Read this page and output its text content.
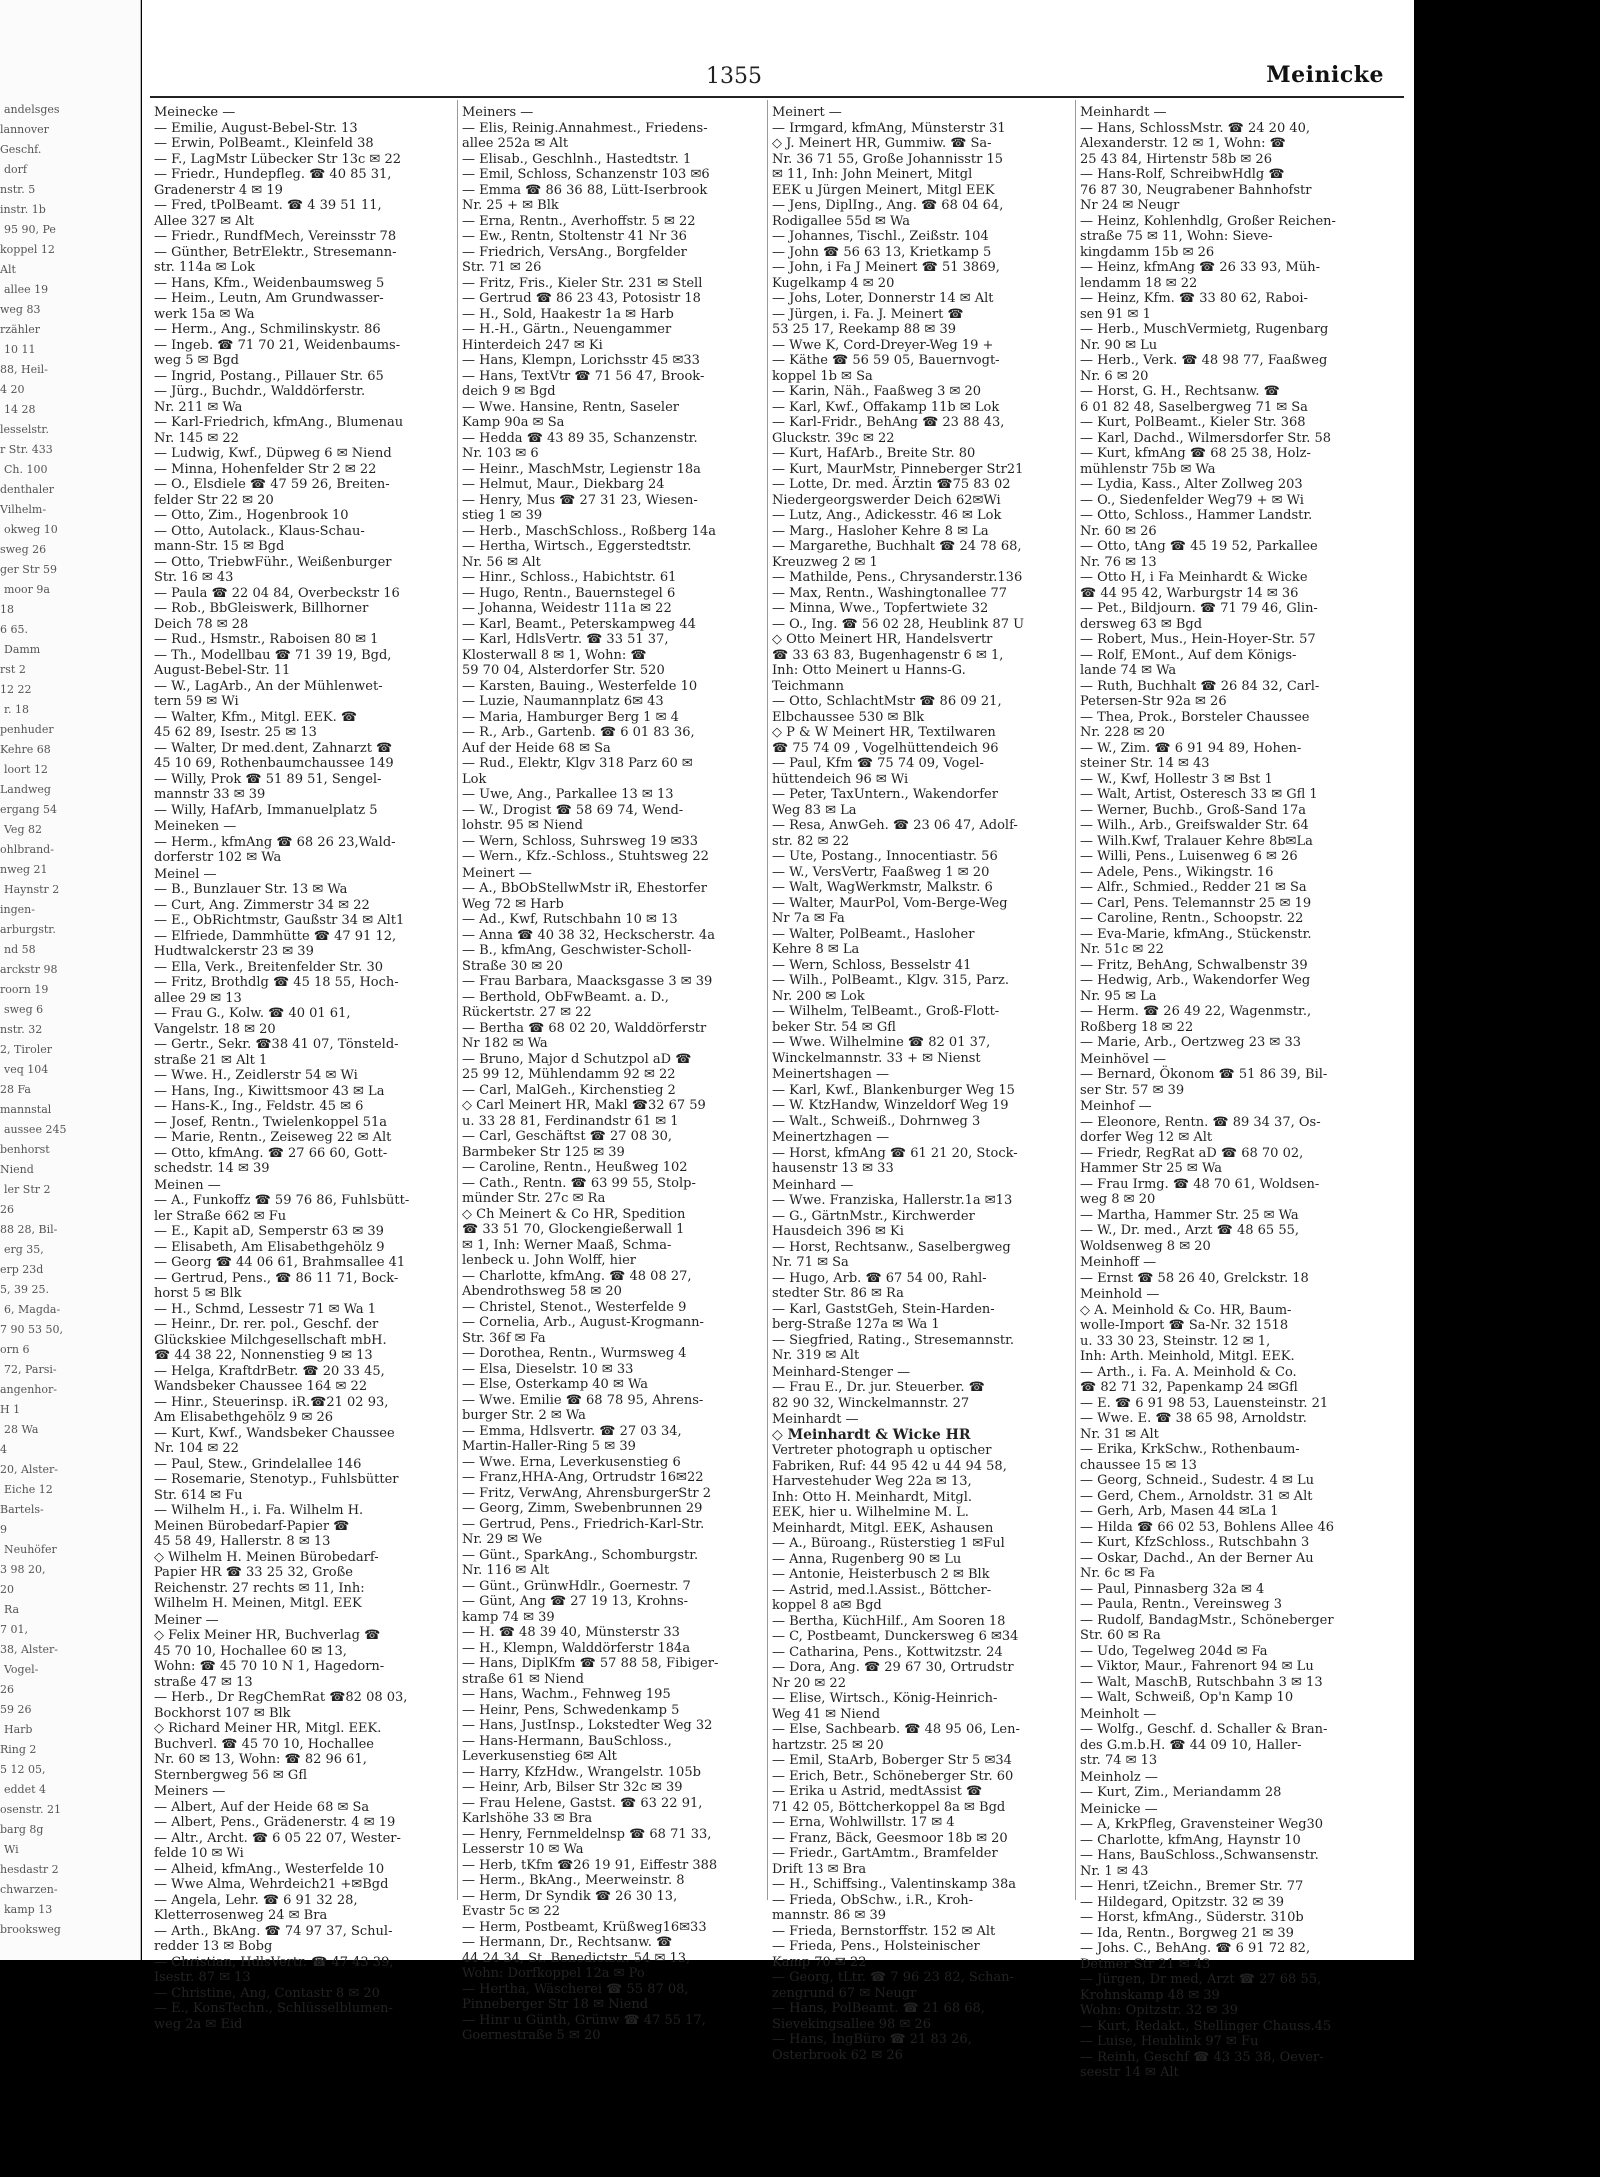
andelsges
lannover
Geschf.
dorf
nstr. 5
instr. 1b
95 90, Pe
koppel 12
Alt
allee 19
weg 83
rzähler
10 11
88, Heil-
4 20
14 28
lesselstr.
r Str. 433
Ch. 100
denthaler
Vilhelm-
okweg 10
sweg 26
ger Str 59
moor 9a
18
6 65.
Damm
rst 2
12 22
r. 18
penhuder
Kehre 68
loort 12
Landweg
ergang 54
Veg 82
ohlbrand-
nweg 21
Haynstr 2
ingen-
arburgstr.
nd 58
arckstr 98
roorn 19
sweg 6
nstr. 32
2, Tiroler
veq 104
28 Fa
mannstal
aussee 245
benhorst
Niend
ler Str 2
26
88 28, Bil-
erg 35,
erp 23d
5, 39 25.
6, Magda-
7 90 53 50,
orn 6
72, Parsi-
angenhor-
H 1
28 Wa
4
20, Alster-
Eiche 12
Bartels-
9
Neuhöfer
3 98 20,
20
Ra
7 01,
38, Alster-
Vogel-
26
59 26
Harb
Ring 2
5 12 05,
eddet 4
osenstr. 21
barg 8g
Wi
hesdastr 2
chwarzen-
kamp 13
brooksweg
1355	Meinicke
Meinecke —
— Emilie, August-Bebel-Str. 13
— Erwin, PolBeamt., Kleinfeld 38
— F., LagMstr Lübecker Str 13c ✉ 22
— Friedr., Hundepfleg. ☎ 40 85 31,
Gradenerstr 4 ✉ 19
— Fred, tPolBeamt. ☎ 4 39 51 11,
Allee 327 ✉ Alt
— Friedr., RundfMech, Vereinsstr 78
— Günther, BetrElektr., Stresemann-
str. 114a ✉ Lok
— Hans, Kfm., Weidenbaumsweg 5
— Heim., Leutn, Am Grundwasser-
werk 15a ✉ Wa
— Herm., Ang., Schmilinskystr. 86
— Ingeb. ☎ 71 70 21, Weidenbaums-
weg 5 ✉ Bgd
— Ingrid, Postang., Pillauer Str. 65
— Jürg., Buchdr., Walddörferstr.
Nr. 211 ✉ Wa
— Karl-Friedrich, kfmAng., Blumenau
Nr. 145 ✉ 22
— Ludwig, Kwf., Düpweg 6 ✉ Niend
— Minna, Hohenfelder Str 2 ✉ 22
— O., Elsdiele ☎ 47 59 26, Breiten-
felder Str 22 ✉ 20
— Otto, Zim., Hogenbrook 10
— Otto, Autolack., Klaus-Schau-
mann-Str. 15 ✉ Bgd
— Otto, TriebwFühr., Weißenburger
Str. 16 ✉ 43
— Paula ☎ 22 04 84, Overbeckstr 16
— Rob., BbGleiswerk, Billhorner
Deich 78 ✉ 28
— Rud., Hsmstr., Raboisen 80 ✉ 1
— Th., Modellbau ☎ 71 39 19, Bgd,
August-Bebel-Str. 11
— W., LagArb., An der Mühlenwet-
tern 59 ✉ Wi
— Walter, Kfm., Mitgl. EEK. ☎
45 62 89, Isestr. 25 ✉ 13
— Walter, Dr med.dent, Zahnarzt ☎
45 10 69, Rothenbaumchaussee 149
— Willy, Prok ☎ 51 89 51, Sengel-
mannstr 33 ✉ 39
— Willy, HafArb, Immanuelplatz 5
Meineken —
— Herm., kfmAng ☎ 68 26 23,Wald-
dorferstr 102 ✉ Wa
Meinel —
— B., Bunzlauer Str. 13 ✉ Wa
— Curt, Ang. Zimmerstr 34 ✉ 22
— E., ObRichtmstr, Gaußstr 34 ✉ Alt1
— Elfriede, Dammhütte ☎ 47 91 12,
Hudtwalckerstr 23 ✉ 39
— Ella, Verk., Breitenfelder Str. 30
— Fritz, Brothdlg ☎ 45 18 55, Hoch-
allee 29 ✉ 13
— Frau G., Kolw. ☎ 40 01 61,
Vangelstr. 18 ✉ 20
— Gertr., Sekr. ☎38 41 07, Tönsteld-
straße 21 ✉ Alt 1
— Wwe. H., Zeidlerstr 54 ✉ Wi
— Hans, Ing., Kiwittsmoor 43 ✉ La
— Hans-K., Ing., Feldstr. 45 ✉ 6
— Josef, Rentn., Twielenkoppel 51a
— Marie, Rentn., Zeiseweg 22 ✉ Alt
— Otto, kfmAng. ☎ 27 66 60, Gott-
schedstr. 14 ✉ 39
Meinen —
— A., Funkoffz ☎ 59 76 86, Fuhlsbütt-
ler Straße 662 ✉ Fu
— E., Kapit aD, Semperstr 63 ✉ 39
— Elisabeth, Am Elisabethgehölz 9
— Georg ☎ 44 06 61, Brahmsallee 41
— Gertrud, Pens., ☎ 86 11 71, Bock-
horst 5 ✉ Blk
— H., Schmd, Lessestr 71 ✉ Wa 1
— Heinr., Dr. rer. pol., Geschf. der
Glückskiee Milchgesellschaft mbH.
☎ 44 38 22, Nonnenstieg 9 ✉ 13
— Helga, KraftdrBetr. ☎ 20 33 45,
Wandsbeker Chaussee 164 ✉ 22
— Hinr., Steuerinsp. iR.☎21 02 93,
Am Elisabethgehölz 9 ✉ 26
— Kurt, Kwf., Wandsbeker Chaussee
Nr. 104 ✉ 22
— Paul, Stew., Grindelallee 146
— Rosemarie, Stenotyp., Fuhlsbütter
Str. 614 ✉ Fu
— Wilhelm H., i. Fa. Wilhelm H.
Meinen Bürobedarf-Papier ☎
45 58 49, Hallerstr. 8 ✉ 13
◇ Wilhelm H. Meinen Bürobedarf-
Papier HR ☎ 33 25 32, Große
Reichenstr. 27 rechts ✉ 11, Inh:
Wilhelm H. Meinen, Mitgl. EEK
Meiner —
◇ Felix Meiner HR, Buchverlag ☎
45 70 10, Hochallee 60 ✉ 13,
Wohn: ☎ 45 70 10 N 1, Hagedorn-
straße 47 ✉ 13
— Herb., Dr RegChemRat ☎82 08 03,
Bockhorst 107 ✉ Blk
◇ Richard Meiner HR, Mitgl. EEK.
Buchverl. ☎ 45 70 10, Hochallee
Nr. 60 ✉ 13, Wohn: ☎ 82 96 61,
Sternbergweg 56 ✉ Gfl
Meiners —
— Albert, Auf der Heide 68 ✉ Sa
— Albert, Pens., Grädenerstr. 4 ✉ 19
— Altr., Archt. ☎ 6 05 22 07, Wester-
felde 10 ✉ Wi
— Alheid, kfmAng., Westerfelde 10
— Wwe Alma, Wehrdeich21 +✉Bgd
— Angela, Lehr. ☎ 6 91 32 28,
Kletterrosenweg 24 ✉ Bra
— Arth., BkAng. ☎ 74 97 37, Schul-
redder 13 ✉ Bobg
— Christian, HdlsVertr. ☎ 47 43 39,
Isestr. 87 ✉ 13
— Christine, Ang, Contastr 8 ✉ 20
— E., KonsTechn., Schlüsselblumen-
weg 2a ✉ Eid
Meiners —
— Elis, Reinig.Annahmest., Friedens-
allee 252a ✉ Alt
— Elisab., Geschlnh., Hastedtstr. 1
— Emil, Schloss, Schanzenstr 103 ✉6
— Emma ☎ 86 36 88, Lütt-Iserbrook
Nr. 25 + ✉ Blk
— Erna, Rentn., Averhoffstr. 5 ✉ 22
— Ew., Rentn, Stoltenstr 41 Nr 36
— Friedrich, VersAng., Borgfelder
Str. 71 ✉ 26
— Fritz, Fris., Kieler Str. 231 ✉ Stell
— Gertrud ☎ 86 23 43, Potosistr 18
— H., Sold, Haakestr 1a ✉ Harb
— H.-H., Gärtn., Neuengammer
Hinterdeich 247 ✉ Ki
— Hans, Klempn, Lorichsstr 45 ✉33
— Hans, TextVtr ☎ 71 56 47, Brook-
deich 9 ✉ Bgd
— Wwe. Hansine, Rentn, Saseler
Kamp 90a ✉ Sa
— Hedda ☎ 43 89 35, Schanzenstr.
Nr. 103 ✉ 6
— Heinr., MaschMstr, Legienstr 18a
— Helmut, Maur., Diekbarg 24
— Henry, Mus ☎ 27 31 23, Wiesen-
stieg 1 ✉ 39
— Herb., MaschSchloss., Roßberg 14a
— Hertha, Wirtsch., Eggerstedtstr.
Nr. 56 ✉ Alt
— Hinr., Schloss., Habichtstr. 61
— Hugo, Rentn., Bauernstegel 6
— Johanna, Weidestr 111a ✉ 22
— Karl, Beamt., Peterskampweg 44
— Karl, HdlsVertr. ☎ 33 51 37,
Klosterwall 8 ✉ 1, Wohn: ☎
59 70 04, Alsterdorfer Str. 520
— Karsten, Bauing., Westerfelde 10
— Luzie, Naumannplatz 6✉ 43
— Maria, Hamburger Berg 1 ✉ 4
— R., Arb., Gartenb. ☎ 6 01 83 36,
Auf der Heide 68 ✉ Sa
— Rud., Elektr, Klgv 318 Parz 60 ✉
Lok
— Uwe, Ang., Parkallee 13 ✉ 13
— W., Drogist ☎ 58 69 74, Wend-
lohstr. 95 ✉ Niend
— Wern, Schloss, Suhrsweg 19 ✉33
— Wern., Kfz.-Schloss., Stuhtsweg 22
Meinert —
— A., BbObStellwMstr iR, Ehestorfer
Weg 72 ✉ Harb
— Ad., Kwf, Rutschbahn 10 ✉ 13
— Anna ☎ 40 38 32, Heckscherstr. 4a
— B., kfmAng, Geschwister-Scholl-
Straße 30 ✉ 20
— Frau Barbara, Maacksgasse 3 ✉ 39
— Berthold, ObFwBeamt. a. D.,
Rückertstr. 27 ✉ 22
— Bertha ☎ 68 02 20, Walddörferstr
Nr 182 ✉ Wa
— Bruno, Major d Schutzpol aD ☎
25 99 12, Mühlendamm 92 ✉ 22
— Carl, MalGeh., Kirchenstieg 2
◇ Carl Meinert HR, Makl ☎32 67 59
u. 33 28 81, Ferdinandstr 61 ✉ 1
— Carl, Geschäftst ☎ 27 08 30,
Barmbeker Str 125 ✉ 39
— Caroline, Rentn., Heußweg 102
— Cath., Rentn. ☎ 63 99 55, Stolp-
münder Str. 27c ✉ Ra
◇ Ch Meinert & Co HR, Spedition
☎ 33 51 70, Glockengießerwall 1
✉ 1, Inh: Werner Maaß, Schma-
lenbeck u. John Wolff, hier
— Charlotte, kfmAng. ☎ 48 08 27,
Abendrothsweg 58 ✉ 20
— Christel, Stenot., Westerfelde 9
— Cornelia, Arb., August-Krogmann-
Str. 36f ✉ Fa
— Dorothea, Rentn., Wurmsweg 4
— Elsa, Dieselstr. 10 ✉ 33
— Else, Osterkamp 40 ✉ Wa
— Wwe. Emilie ☎ 68 78 95, Ahrens-
burger Str. 2 ✉ Wa
— Emma, Hdlsvertr. ☎ 27 03 34,
Martin-Haller-Ring 5 ✉ 39
— Wwe. Erna, Leverkusenstieg 6
— Franz,HHA-Ang, Ortrudstr 16✉22
— Fritz, VerwAng, AhrensburgerStr 2
— Georg, Zimm, Swebenbrunnen 29
— Gertrud, Pens., Friedrich-Karl-Str.
Nr. 29 ✉ We
— Günt., SparkAng., Schomburgstr.
Nr. 116 ✉ Alt
— Günt., GrünwHdlr., Goernestr. 7
— Günt, Ang ☎ 27 19 13, Krohns-
kamp 74 ✉ 39
— H. ☎ 48 39 40, Münsterstr 33
— H., Klempn, Walddörferstr 184a
— Hans, DiplKfm ☎ 57 88 58, Fibiger-
straße 61 ✉ Niend
— Hans, Wachm., Fehnweg 195
— Heinr, Pens, Schwedenkamp 5
— Hans, JustInsp., Lokstedter Weg 32
— Hans-Hermann, BauSchloss.,
Leverkusenstieg 6✉ Alt
— Harry, KfzHdw., Wrangelstr. 105b
— Heinr, Arb, Bilser Str 32c ✉ 39
— Frau Helene, Gastst. ☎ 63 22 91,
Karlshöhe 33 ✉ Bra
— Henry, Fernmeldelnsp ☎ 68 71 33,
Lesserstr 10 ✉ Wa
— Herb, tKfm ☎26 19 91, Eiffestr 388
— Herm., BkAng., Meerweinstr. 8
— Herm, Dr Syndik ☎ 26 30 13,
Evastr 5c ✉ 22
— Herm, Postbeamt, Krüßweg16✉33
— Hermann, Dr., Rechtsanw. ☎
44 24 34, St. Benedictstr. 54 ✉ 13,
Wohn: Dorfkoppel 12a ✉ Po
— Hertha, Wäscherei ☎ 55 87 08,
Pinneberger Str 18 ✉ Niend
— Hinr u Günth, Grünw ☎ 47 55 17,
Goernestraße 5 ✉ 20
Meinert —
— Irmgard, kfmAng, Münsterstr 31
◇ J. Meinert HR, Gummiw. ☎ Sa-
Nr. 36 71 55, Große Johannisstr 15
✉ 11, Inh: John Meinert, Mitgl
EEK u Jürgen Meinert, Mitgl EEK
— Jens, DiplIng., Ang. ☎ 68 04 64,
Rodigallee 55d ✉ Wa
— Johannes, Tischl., Zeißstr. 104
— John ☎ 56 63 13, Krietkamp 5
— John, i Fa J Meinert ☎ 51 3869,
Kugelkamp 4 ✉ 20
— Johs, Loter, Donnerstr 14 ✉ Alt
— Jürgen, i. Fa. J. Meinert ☎
53 25 17, Reekamp 88 ✉ 39
— Wwe K, Cord-Dreyer-Weg 19 +
— Käthe ☎ 56 59 05, Bauernvogt-
koppel 1b ✉ Sa
— Karin, Näh., Faaßweg 3 ✉ 20
— Karl, Kwf., Offakamp 11b ✉ Lok
— Karl-Fridr., BehAng ☎ 23 88 43,
Gluckstr. 39c ✉ 22
— Kurt, HafArb., Breite Str. 80
— Kurt, MaurMstr, Pinneberger Str21
— Lotte, Dr. med. Ärztin ☎75 83 02
Niedergeorgswerder Deich 62✉Wi
— Lutz, Ang., Adickesstr. 46 ✉ Lok
— Marg., Hasloher Kehre 8 ✉ La
— Margarethe, Buchhalt ☎ 24 78 68,
Kreuzweg 2 ✉ 1
— Mathilde, Pens., Chrysanderstr.136
— Max, Rentn., Washingtonallee 77
— Minna, Wwe., Topfertwiete 32
— O., Ing. ☎ 56 02 28, Heublink 87 U
◇ Otto Meinert HR, Handelsvertr
☎ 33 63 83, Bugenhagenstr 6 ✉ 1,
Inh: Otto Meinert u Hanns-G.
Teichmann
— Otto, SchlachtMstr ☎ 86 09 21,
Elbchaussee 530 ✉ Blk
◇ P & W Meinert HR, Textilwaren
☎ 75 74 09 , Vogelhüttendeich 96
— Paul, Kfm ☎ 75 74 09, Vogel-
hüttendeich 96 ✉ Wi
— Peter, TaxUntern., Wakendorfer
Weg 83 ✉ La
— Resa, AnwGeh. ☎ 23 06 47, Adolf-
str. 82 ✉ 22
— Ute, Postang., Innocentiastr. 56
— W., VersVertr, Faaßweg 1 ✉ 20
— Walt, WagWerkmstr, Malkstr. 6
— Walter, MaurPol, Vom-Berge-Weg
Nr 7a ✉ Fa
— Walter, PolBeamt., Hasloher
Kehre 8 ✉ La
— Wern, Schloss, Besselstr 41
— Wilh., PolBeamt., Klgv. 315, Parz.
Nr. 200 ✉ Lok
— Wilhelm, TelBeamt., Groß-Flott-
beker Str. 54 ✉ Gfl
— Wwe. Wilhelmine ☎ 82 01 37,
Winckelmannstr. 33 + ✉ Nienst
Meinertshagen —
— Karl, Kwf., Blankenburger Weg 15
— W. KtzHandw, Winzeldorf Weg 19
— Walt., Schweiß., Dohrnweg 3
Meinertzhagen —
— Horst, kfmAng ☎ 61 21 20, Stock-
hausenstr 13 ✉ 33
Meinhard —
— Wwe. Franziska, Hallerstr.1a ✉13
— G., GärtnMstr., Kirchwerder
Hausdeich 396 ✉ Ki
— Horst, Rechtsanw., Saselbergweg
Nr. 71 ✉ Sa
— Hugo, Arb. ☎ 67 54 00, Rahl-
stedter Str. 86 ✉ Ra
— Karl, GaststGeh, Stein-Harden-
berg-Straße 127a ✉ Wa 1
— Siegfried, Rating., Stresemannstr.
Nr. 319 ✉ Alt
Meinhard-Stenger —
— Frau E., Dr. jur. Steuerber. ☎
82 90 32, Winckelmannstr. 27
Meinhardt —
◇ Meinhardt & Wicke HR
Vertreter photograph u optischer
Fabriken, Ruf: 44 95 42 u 44 94 58,
Harvestehuder Weg 22a ✉ 13,
Inh: Otto H. Meinhardt, Mitgl.
EEK, hier u. Wilhelmine M. L.
Meinhardt, Mitgl. EEK, Ashausen
— A., Büroang., Rüsterstieg 1 ✉Ful
— Anna, Rugenberg 90 ✉ Lu
— Antonie, Heisterbusch 2 ✉ Blk
— Astrid, med.l.Assist., Böttcher-
koppel 8 a✉ Bgd
— Bertha, KüchHilf., Am Sooren 18
— C, Postbeamt, Dunckersweg 6 ✉34
— Catharina, Pens., Kottwitzstr. 24
— Dora, Ang. ☎ 29 67 30, Ortrudstr
Nr 20 ✉ 22
— Elise, Wirtsch., König-Heinrich-
Weg 41 ✉ Niend
— Else, Sachbearb. ☎ 48 95 06, Len-
hartzstr. 25 ✉ 20
— Emil, StaArb, Boberger Str 5 ✉34
— Erich, Betr., Schöneberger Str. 60
— Erika u Astrid, medtAssist ☎
71 42 05, Böttcherkoppel 8a ✉ Bgd
— Erna, Wohlwillstr. 17 ✉ 4
— Franz, Bäck, Geesmoor 18b ✉ 20
— Friedr., GartAmtm., Bramfelder
Drift 13 ✉ Bra
— H., Schiffsing., Valentinskamp 38a
— Frieda, ObSchw., i.R., Kroh-
mannstr. 86 ✉ 39
— Frieda, Bernstorffstr. 152 ✉ Alt
— Frieda, Pens., Holsteinischer
Kamp 70 ✉ 22
— Georg, tLtr. ☎ 7 96 23 82, Schan-
zengrund 67 ✉ Neugr
— Hans, PolBeamt. ☎ 21 68 68,
Sievekingsallee 98 ✉ 26
— Hans, IngBüro ☎ 21 83 26,
Osterbrook 62 ✉ 26
Meinhardt —
— Hans, SchlossMstr. ☎ 24 20 40,
Alexanderstr. 12 ✉ 1, Wohn: ☎
25 43 84, Hirtenstr 58b ✉ 26
— Hans-Rolf, SchreibwHdlg ☎
76 87 30, Neugrabener Bahnhofstr
Nr 24 ✉ Neugr
— Heinz, Kohlenhdlg, Großer Reichen-
straße 75 ✉ 11, Wohn: Sieve-
kingdamm 15b ✉ 26
— Heinz, kfmAng ☎ 26 33 93, Müh-
lendamm 18 ✉ 22
— Heinz, Kfm. ☎ 33 80 62, Raboi-
sen 91 ✉ 1
— Herb., MuschVermietg, Rugenbarg
Nr. 90 ✉ Lu
— Herb., Verk. ☎ 48 98 77, Faaßweg
Nr. 6 ✉ 20
— Horst, G. H., Rechtsanw. ☎
6 01 82 48, Saselbergweg 71 ✉ Sa
— Kurt, PolBeamt., Kieler Str. 368
— Karl, Dachd., Wilmersdorfer Str. 58
— Kurt, kfmAng ☎ 68 25 38, Holz-
mühlenstr 75b ✉ Wa
— Lydia, Kass., Alter Zollweg 203
— O., Siedenfelder Weg79 + ✉ Wi
— Otto, Schloss., Hammer Landstr.
Nr. 60 ✉ 26
— Otto, tAng ☎ 45 19 52, Parkallee
Nr. 76 ✉ 13
— Otto H, i Fa Meinhardt & Wicke
☎ 44 95 42, Warburgstr 14 ✉ 36
— Pet., Bildjourn. ☎ 71 79 46, Glin-
dersweg 63 ✉ Bgd
— Robert, Mus., Hein-Hoyer-Str. 57
— Rolf, EMont., Auf dem Königs-
lande 74 ✉ Wa
— Ruth, Buchhalt ☎ 26 84 32, Carl-
Petersen-Str 92a ✉ 26
— Thea, Prok., Borsteler Chaussee
Nr. 228 ✉ 20
— W., Zim. ☎ 6 91 94 89, Hohen-
steiner Str. 14 ✉ 43
— W., Kwf, Hollestr 3 ✉ Bst 1
— Walt, Artist, Osteresch 33 ✉ Gfl 1
— Werner, Buchb., Groß-Sand 17a
— Wilh., Arb., Greifswalder Str. 64
— Wilh.Kwf, Tralauer Kehre 8b✉La
— Willi, Pens., Luisenweg 6 ✉ 26
— Adele, Pens., Wikingstr. 16
— Alfr., Schmied., Redder 21 ✉ Sa
— Carl, Pens. Telemannstr 25 ✉ 19
— Caroline, Rentn., Schoopstr. 22
— Eva-Marie, kfmAng., Stückenstr.
Nr. 51c ✉ 22
— Fritz, BehAng, Schwalbenstr 39
— Hedwig, Arb., Wakendorfer Weg
Nr. 95 ✉ La
— Herm. ☎ 26 49 22, Wagenmstr.,
Roßberg 18 ✉ 22
— Marie, Arb., Oertzweg 23 ✉ 33
Meinhövel —
— Bernard, Ökonom ☎ 51 86 39, Bil-
ser Str. 57 ✉ 39
Meinhof —
— Eleonore, Rentn. ☎ 89 34 37, Os-
dorfer Weg 12 ✉ Alt
— Friedr, RegRat aD ☎ 68 70 02,
Hammer Str 25 ✉ Wa
— Frau Irmg. ☎ 48 70 61, Woldsen-
weg 8 ✉ 20
— Martha, Hammer Str. 25 ✉ Wa
— W., Dr. med., Arzt ☎ 48 65 55,
Woldsenweg 8 ✉ 20
Meinhoff —
— Ernst ☎ 58 26 40, Grelckstr. 18
Meinhold —
◇ A. Meinhold & Co. HR, Baum-
wolle-Import ☎ Sa-Nr. 32 1518
u. 33 30 23, Steinstr. 12 ✉ 1,
Inh: Arth. Meinhold, Mitgl. EEK.
— Arth., i. Fa. A. Meinhold & Co.
☎ 82 71 32, Papenkamp 24 ✉Gfl
— E. ☎ 6 91 98 53, Lauensteinstr. 21
— Wwe. E. ☎ 38 65 98, Arnoldstr.
Nr. 31 ✉ Alt
— Erika, KrkSchw., Rothenbaum-
chaussee 15 ✉ 13
— Georg, Schneid., Sudestr. 4 ✉ Lu
— Gerd, Chem., Arnoldstr. 31 ✉ Alt
— Gerh, Arb, Masen 44 ✉La 1
— Hilda ☎ 66 02 53, Bohlens Allee 46
— Kurt, KfzSchloss., Rutschbahn 3
— Oskar, Dachd., An der Berner Au
Nr. 6c ✉ Fa
— Paul, Pinnasberg 32a ✉ 4
— Paula, Rentn., Vereinsweg 3
— Rudolf, BandagMstr., Schöneberger
Str. 60 ✉ Ra
— Udo, Tegelweg 204d ✉ Fa
— Viktor, Maur., Fahrenort 94 ✉ Lu
— Walt, MaschB, Rutschbahn 3 ✉ 13
— Walt, Schweiß, Op'n Kamp 10
Meinholt —
— Wolfg., Geschf. d. Schaller & Bran-
des G.m.b.H. ☎ 44 09 10, Haller-
str. 74 ✉ 13
Meinholz —
— Kurt, Zim., Meriandamm 28
Meinicke —
— A, KrkPfleg, Gravensteiner Weg30
— Charlotte, kfmAng, Haynstr 10
— Hans, BauSchloss.,Schwansenstr.
Nr. 1 ✉ 43
— Henri, tZeichn., Bremer Str. 77
— Hildegard, Opitzstr. 32 ✉ 39
— Horst, kfmAng., Süderstr. 310b
— Ida, Rentn., Borgweg 21 ✉ 39
— Johs. C., BehAng. ☎ 6 91 72 82,
Detmer Str 21 ✉ 43
— Jürgen, Dr med, Arzt ☎ 27 68 55,
Krohnskamp 48 ✉ 39
Wohn: Opitzstr. 32 ✉ 39
— Kurt, Redakt., Stellinger Chauss.45
— Luise, Heublink 97 ✉ Fu
— Reinh, Geschf ☎ 43 35 38, Oever-
seestr 14 ✉ Alt
